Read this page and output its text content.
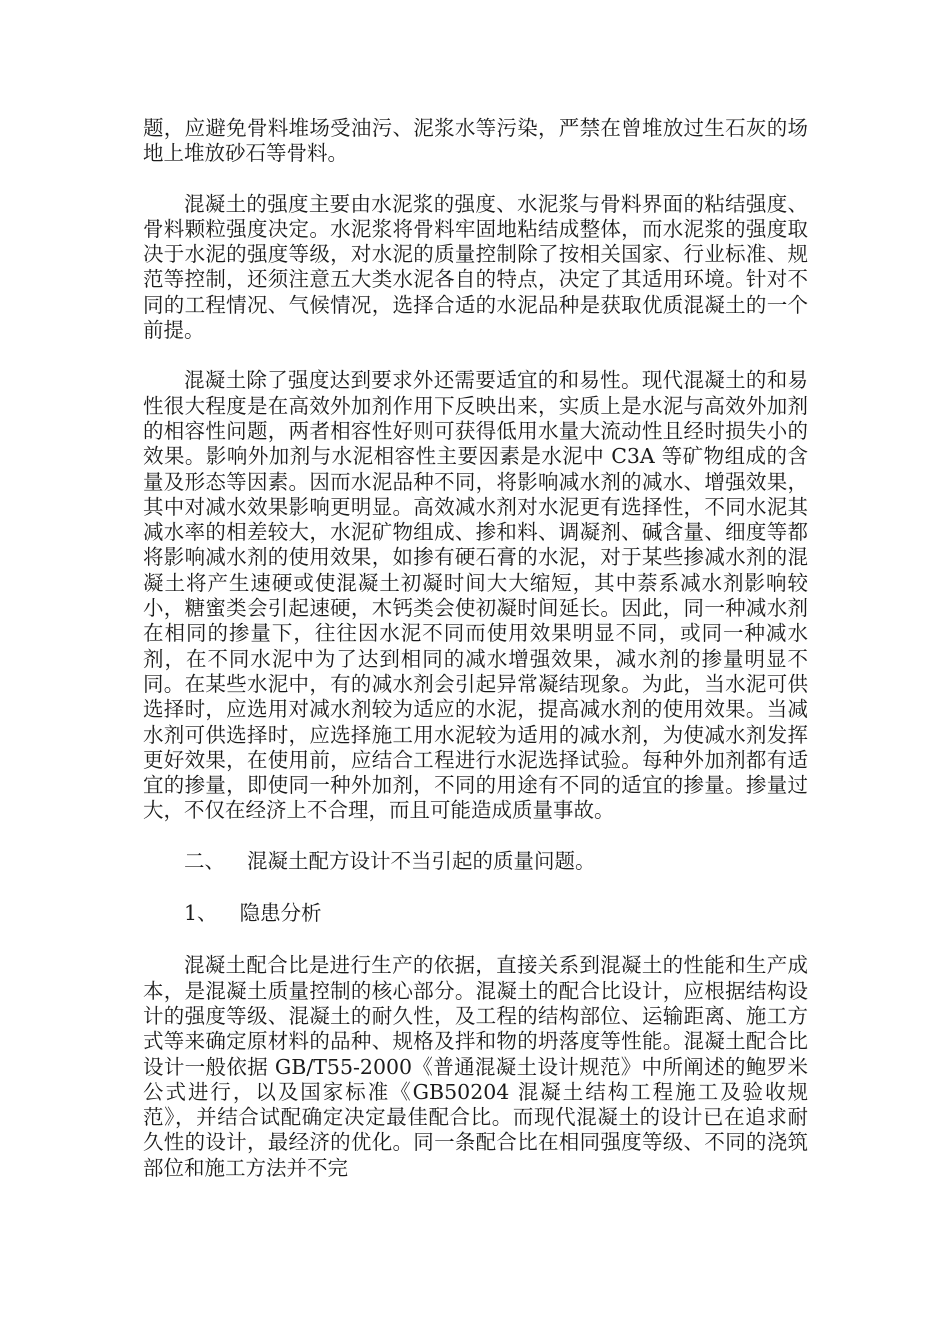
题，应避免骨料堆场受油污、泥浆水等污染，严禁在曾堆放过生石灰的场地上堆放砂石等骨料。

混凝土的强度主要由水泥浆的强度、水泥浆与骨料界面的粘结强度、骨料颗粒强度决定。水泥浆将骨料牢固地粘结成整体，而水泥浆的强度取决于水泥的强度等级，对水泥的质量控制除了按相关国家、行业标准、规范等控制，还须注意五大类水泥各自的特点，决定了其适用环境。针对不同的工程情况、气候情况，选择合适的水泥品种是获取优质混凝土的一个前提。

混凝土除了强度达到要求外还需要适宜的和易性。现代混凝土的和易性很大程度是在高效外加剂作用下反映出来，实质上是水泥与高效外加剂的相容性问题，两者相容性好则可获得低用水量大流动性且经时损失小的效果。影响外加剂与水泥相容性主要因素是水泥中 C3A 等矿物组成的含量及形态等因素。因而水泥品种不同，将影响减水剂的减水、增强效果，其中对减水效果影响更明显。高效减水剂对水泥更有选择性，不同水泥其减水率的相差较大，水泥矿物组成、掺和料、调凝剂、碱含量、细度等都将影响减水剂的使用效果，如掺有硬石膏的水泥，对于某些掺减水剂的混凝土将产生速硬或使混凝土初凝时间大大缩短，其中萘系减水剂影响较小，糖蜜类会引起速硬，木钙类会使初凝时间延长。因此，同一种减水剂在相同的掺量下，往往因水泥不同而使用效果明显不同，或同一种减水剂，在不同水泥中为了达到相同的减水增强效果，减水剂的掺量明显不同。在某些水泥中，有的减水剂会引起异常凝结现象。为此，当水泥可供选择时，应选用对减水剂较为适应的水泥，提高减水剂的使用效果。当减水剂可供选择时，应选择施工用水泥较为适用的减水剂，为使减水剂发挥更好效果，在使用前，应结合工程进行水泥选择试验。每种外加剂都有适宜的掺量，即使同一种外加剂，不同的用途有不同的适宜的掺量。掺量过大，不仅在经济上不合理，而且可能造成质量事故。

二、 混凝土配方设计不当引起的质量问题。
1、 隐患分析

混凝土配合比是进行生产的依据，直接关系到混凝土的性能和生产成本，是混凝土质量控制的核心部分。混凝土的配合比设计，应根据结构设计的强度等级、混凝土的耐久性，及工程的结构部位、运输距离、施工方式等来确定原材料的品种、规格及拌和物的坍落度等性能。混凝土配合比设计一般依据 GB/T55-2000《普通混凝土设计规范》中所阐述的鲍罗米公式进行，以及国家标准《GB50204 混凝土结构工程施工及验收规范》，并结合试配确定决定最佳配合比。而现代混凝土的设计已在追求耐久性的设计，最经济的优化。同一条配合比在相同强度等级、不同的浇筑部位和施工方法并不完
